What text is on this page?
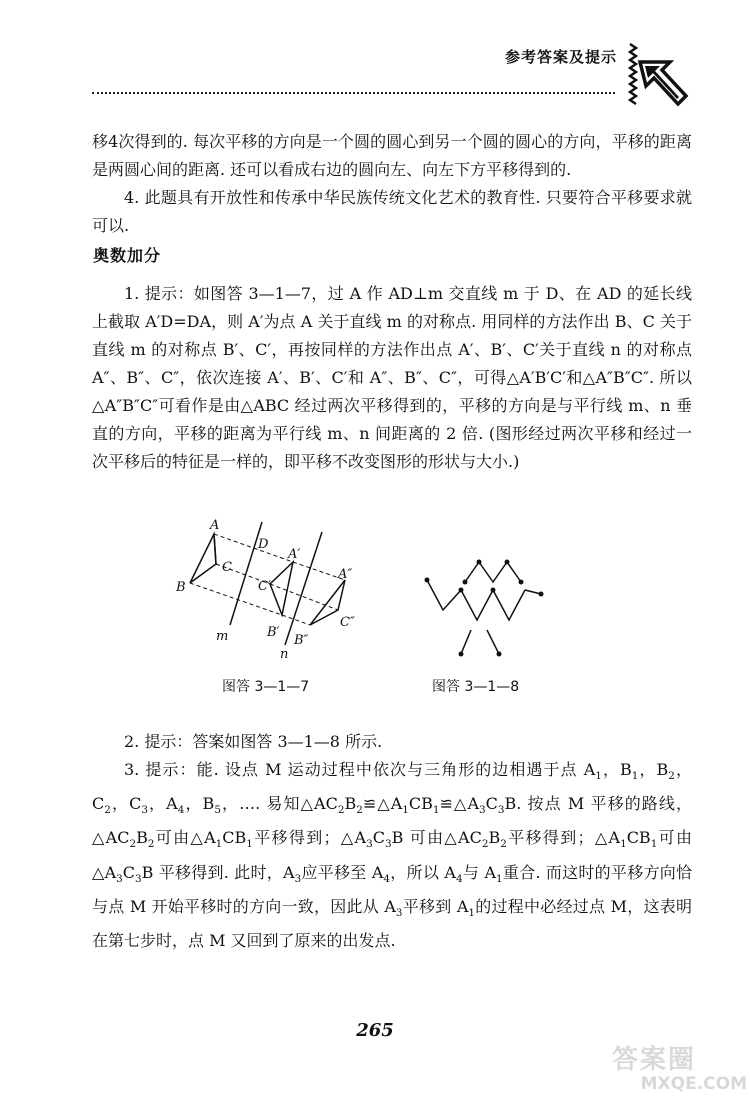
参考答案及提示
移4次得到的. 每次平移的方向是一个圆的圆心到另一个圆的圆心的方向，平移的距离是两圆心间的距离. 还可以看成右边的圆向左、向左下方平移得到的.
4. 此题具有开放性和传承中华民族传统文化艺术的教育性. 只要符合平移要求就可以.
奥数加分
1. 提示：如图答 3—1—7，过 A 作 AD⊥m 交直线 m 于 D、在 AD 的延长线上截取 A′D=DA，则 A′为点 A 关于直线 m 的对称点. 用同样的方法作出 B、C 关于直线 m 的对称点 B′、C′，再按同样的方法作出点 A′、B′、C′关于直线 n 的对称点 A″、B″、C″，依次连接 A′、B′、C′和 A″、B″、C″，可得△A′B′C′和△A″B″C″. 所以△A″B″C″可看作是由△ABC 经过两次平移得到的，平移的方向是与平行线 m、n 垂直的方向，平移的距离为平行线 m、n 间距离的 2 倍. (图形经过两次平移和经过一次平移后的特征是一样的，即平移不改变图形的形状与大小.)
A
B
C
D
A′
B′
C′
A″
B″
C″
m
n
图答 3—1—7	图答 3—1—8
2. 提示：答案如图答 3—1—8 所示.
3. 提示：能. 设点 M 运动过程中依次与三角形的边相遇于点 $A_1$，$B_1$，$B_2$，$C_2$，$C_3$，$A_4$，$B_5$，…. 易知$\triangle AC_2B_2≌\triangle A_1CB_1≌\triangle A_3C_3B$. 按点 M 平移的路线，$\triangle AC_2B_2$可由$\triangle A_1CB_1$平移得到；$\triangle A_3C_3B$ 可由$\triangle AC_2B_2$平移得到；$\triangle A_1CB_1$可由$\triangle A_3C_3B$ 平移得到. 此时，$A_3$应平移至 $A_4$，所以 $A_4$与 $A_1$重合. 而这时的平移方向恰与点 M 开始平移时的方向一致，因此从 $A_3$平移到 $A_1$的过程中必经过点 M，这表明在第七步时，点 M 又回到了原来的出发点.
265
答案圈
MXQE.COM
